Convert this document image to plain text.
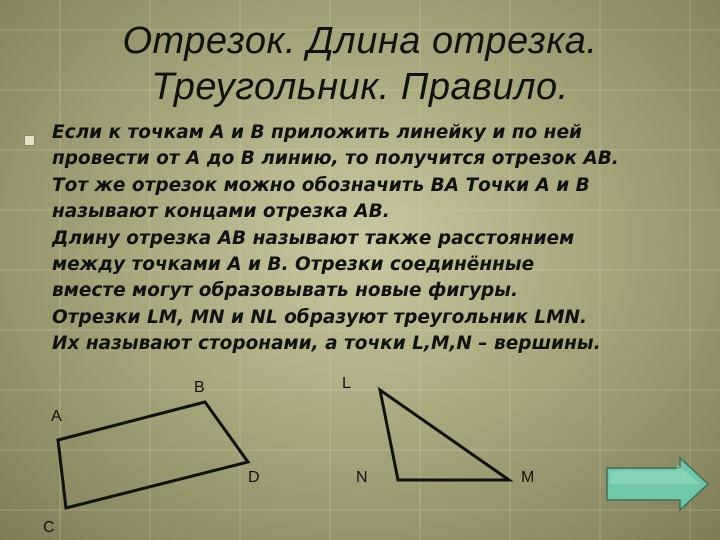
Отрезок. Длина отрезка.
Треугольник. Правило.
Если к точкам А и В приложить линейку и по ней
провести от А до В линию, то получится отрезок АВ.
Тот же отрезок можно обозначить ВА Точки А и В
называют концами отрезка АВ.
Длину отрезка АВ называют также расстоянием
между точками А и В. Отрезки соединённые
вместе могут образовывать новые фигуры.
Отрезки LM, MN и NL образуют треугольник LMN.
Их называют сторонами, а точки L,M,N – вершины.
B
A
D
C
L
N	M
